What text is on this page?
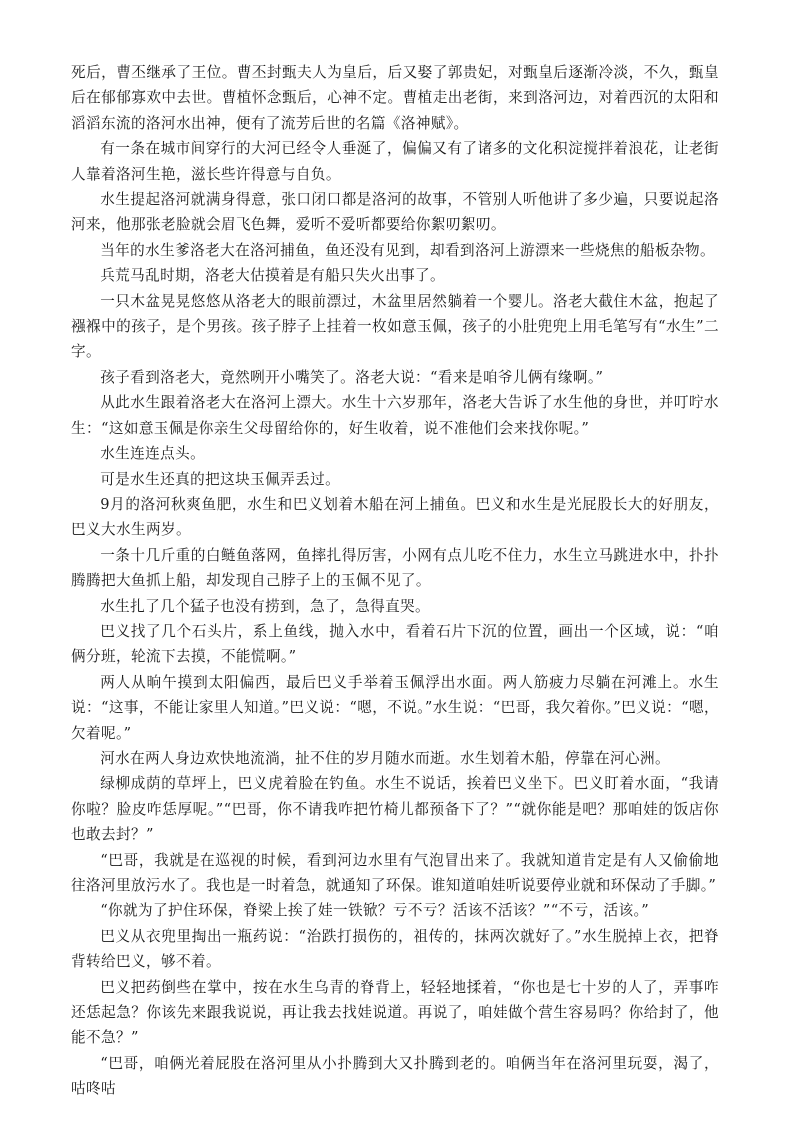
死后，曹丕继承了王位。曹丕封甄夫人为皇后，后又娶了郭贵妃，对甄皇后逐渐冷淡，不久，甄皇后在郁郁寡欢中去世。曹植怀念甄后，心神不定。曹植走出老街，来到洛河边，对着西沉的太阳和滔滔东流的洛河水出神，便有了流芳后世的名篇《洛神赋》。

有一条在城市间穿行的大河已经令人垂涎了，偏偏又有了诸多的文化积淀搅拌着浪花，让老街人靠着洛河生艳，滋长些许得意与自负。

水生提起洛河就满身得意，张口闭口都是洛河的故事，不管别人听他讲了多少遍，只要说起洛河来，他那张老脸就会眉飞色舞，爱听不爱听都要给你絮叨絮叨。

当年的水生爹洛老大在洛河捕鱼，鱼还没有见到，却看到洛河上游漂来一些烧焦的船板杂物。

兵荒马乱时期，洛老大估摸着是有船只失火出事了。

一只木盆晃晃悠悠从洛老大的眼前漂过，木盆里居然躺着一个婴儿。洛老大截住木盆，抱起了襁褓中的孩子，是个男孩。孩子脖子上挂着一枚如意玉佩，孩子的小肚兜兜上用毛笔写有“水生”二字。

孩子看到洛老大，竟然咧开小嘴笑了。洛老大说：“看来是咱爷儿俩有缘啊。”

从此水生跟着洛老大在洛河上漂大。水生十六岁那年，洛老大告诉了水生他的身世，并叮咛水生：“这如意玉佩是你亲生父母留给你的，好生收着，说不准他们会来找你呢。”

水生连连点头。

可是水生还真的把这块玉佩弄丢过。

9月的洛河秋爽鱼肥，水生和巴义划着木船在河上捕鱼。巴义和水生是光屁股长大的好朋友，巴义大水生两岁。

一条十几斤重的白鲢鱼落网，鱼摔扎得厉害，小网有点儿吃不住力，水生立马跳进水中，扑扑腾腾把大鱼抓上船，却发现自己脖子上的玉佩不见了。

水生扎了几个猛子也没有捞到，急了，急得直哭。

巴义找了几个石头片，系上鱼线，抛入水中，看着石片下沉的位置，画出一个区域，说：“咱俩分班，轮流下去摸，不能慌啊。”

两人从晌午摸到太阳偏西，最后巴义手举着玉佩浮出水面。两人筋疲力尽躺在河滩上。水生说：“这事，不能让家里人知道。”巴义说：“嗯，不说。”水生说：“巴哥，我欠着你。”巴义说：“嗯，欠着呢。”

河水在两人身边欢快地流淌，扯不住的岁月随水而逝。水生划着木船，停靠在河心洲。

绿柳成荫的草坪上，巴义虎着脸在钓鱼。水生不说话，挨着巴义坐下。巴义盯着水面，“我请你啦？脸皮咋恁厚呢。”“巴哥，你不请我咋把竹椅儿都预备下了？”“就你能是吧？那咱娃的饭店你也敢去封？”

“巴哥，我就是在巡视的时候，看到河边水里有气泡冒出来了。我就知道肯定是有人又偷偷地往洛河里放污水了。我也是一时着急，就通知了环保。谁知道咱娃听说要停业就和环保动了手脚。”

“你就为了护住环保，脊梁上挨了娃一铁锨？亏不亏？活该不活该？”“不亏，活该。”

巴义从衣兜里掏出一瓶药说：“治跌打损伤的，祖传的，抹两次就好了。”水生脱掉上衣，把脊背转给巴义，够不着。

巴义把药倒些在掌中，按在水生乌青的脊背上，轻轻地揉着，“你也是七十岁的人了，弄事咋还恁起急？你该先来跟我说说，再让我去找娃说道。再说了，咱娃做个营生容易吗？你给封了，他能不急？”

“巴哥，咱俩光着屁股在洛河里从小扑腾到大又扑腾到老的。咱俩当年在洛河里玩耍，渴了，咕咚咕
